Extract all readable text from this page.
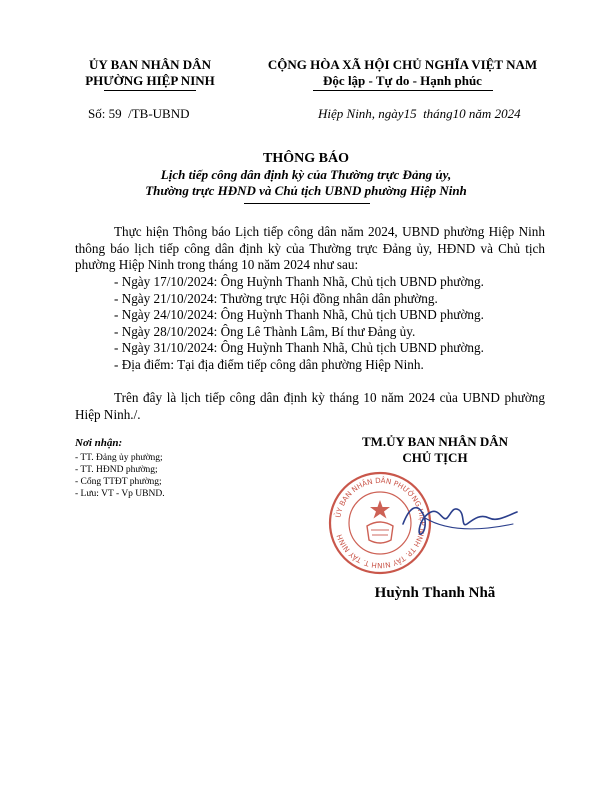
ỦY BAN NHÂN DÂN
PHƯỜNG HIỆP NINH
CỘNG HÒA XÃ HỘI CHỦ NGHĨA VIỆT NAM
Độc lập - Tự do - Hạnh phúc
Số: 59  /TB-UBND	Hiệp Ninh, ngày15  tháng10 năm 2024
THÔNG BÁO
Lịch tiếp công dân định kỳ của Thường trực Đảng ủy,
Thường trực HĐND và Chủ tịch UBND phường Hiệp Ninh
Thực hiện Thông báo Lịch tiếp công dân năm 2024, UBND phường Hiệp Ninh thông báo lịch tiếp công dân định kỳ của Thường trực Đảng ủy, HĐND và Chủ tịch phường Hiệp Ninh trong tháng 10 năm 2024 như sau:
- Ngày 17/10/2024: Ông Huỳnh Thanh Nhã, Chủ tịch UBND phường.
- Ngày 21/10/2024: Thường trực Hội đồng nhân dân phường.
- Ngày 24/10/2024: Ông Huỳnh Thanh Nhã, Chủ tịch UBND phường.
- Ngày 28/10/2024: Ông Lê Thành Lâm, Bí thư Đảng ủy.
- Ngày 31/10/2024: Ông Huỳnh Thanh Nhã, Chủ tịch UBND phường.
- Địa điểm: Tại địa điểm tiếp công dân phường Hiệp Ninh.
Trên đây là lịch tiếp công dân định kỳ tháng 10 năm 2024 của UBND phường Hiệp Ninh./.
Nơi nhận:
- TT. Đảng ủy phường;
- TT. HĐND phường;
- Cổng TTĐT phường;
- Lưu: VT - Vp UBND.
TM.ỦY BAN NHÂN DÂN
CHỦ TỊCH
ỦY BAN NHÂN DÂN PHƯỜNG HIỆP NINH TP. TÂY NINH T. TÂY NINH
Huỳnh Thanh Nhã
